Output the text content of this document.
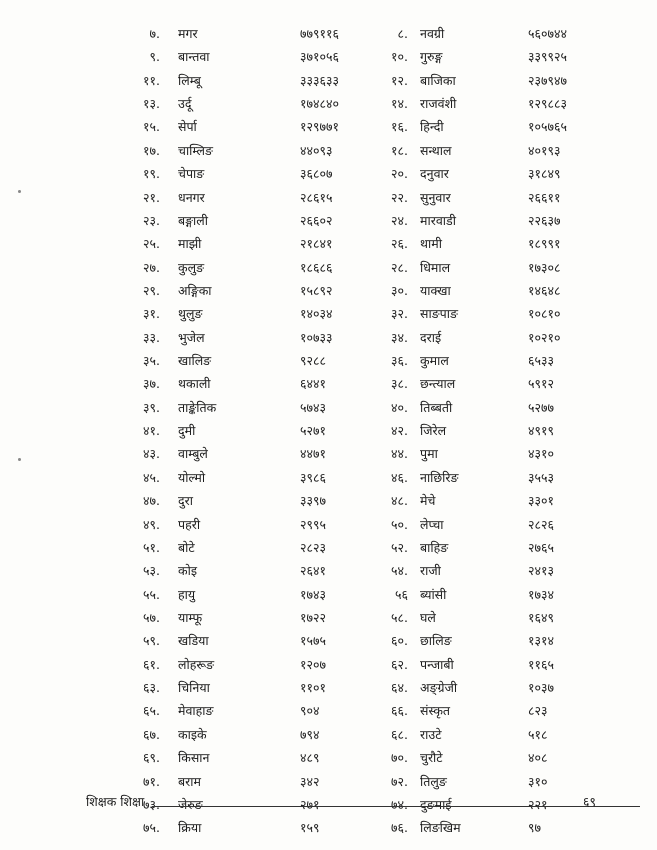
७. मगर	७७९११६	८. नवग्री	५६०७४४
९. बान्तवा	३७१०५६	१०. गुरुङ्ग	३३९९२५
११. लिम्बू	३३३६३३	१२. बाजिका	२३७९४७
१३. उर्दू	१७४८४०	१४. राजवंशी	१२९८८३
१५. सेर्पा	१२९७७१	१६. हिन्दी	१०५७६५
१७. चाम्लिङ	४४०९३	१८. सन्थाल	४०१९३
१९. चेपाङ	३६८०७	२०. दनुवार	३१८४९
२१. धनगर	२८६१५	२२. सुनुवार	२६६११
२३. बङ्गाली	२६६०२	२४. मारवाडी	२२६३७
२५. माझी	२१८४१	२६. थामी	१८९९१
२७. कुलुङ	१८६८६	२८. धिमाल	१७३०८
२९. अङ्गिका	१५८९२	३०. याक्खा	१४६४८
३१. थुलुङ	१४०३४	३२. साङपाङ	१०८१०
३३. भुजेल	१०७३३	३४. दराई	१०२१०
३५. खालिङ	९२८८	३६. कुमाल	६५३३
३७. थकाली	६४४१	३८. छन्त्याल	५९१२
३९. ताङ्केतिक	५७४३	४०. तिब्बती	५२७७
४१. दुमी	५२७१	४२. जिरेल	४९१९
४३. वाम्बुले	४४७१	४४. पुमा	४३१०
४५. योल्मो	३९८६	४६. नाछिरिङ	३५५३
४७. दुरा	३३९७	४८. मेचे	३३०१
४९. पहरी	२९९५	५०. लेप्चा	२८२६
५१. बोटे	२८२३	५२. बाहिङ	२७६५
५३. कोइ	२६४१	५४. राजी	२४१३
५५. हायु	१७४३	५६ ब्यांसी	१७३४
५७. याम्फू	१७२२	५८. घले	१६४९
५९. खडिया	१५७५	६०. छालिङ	१३१४
६१. लोहरूङ	१२०७	६२. पन्जाबी	११६५
६३. चिनिया	११०१	६४. अङ्ग्रेजी	१०३७
६५. मेवाहाङ	९०४	६६. संस्कृत	८२३
६७. काइके	७९४	६८. राउटे	५१८
६९. किसान	४८९	७०. चुरौटे	४०८
७१. बराम	३४२	७२. तिलुङ	३१०
७३. जेरुङ	२७१	७४. दुङमाई	२२१
७५. क्रिया	१५९	७६. लिङखिम	९७
शिक्षक शिक्षा	६९
